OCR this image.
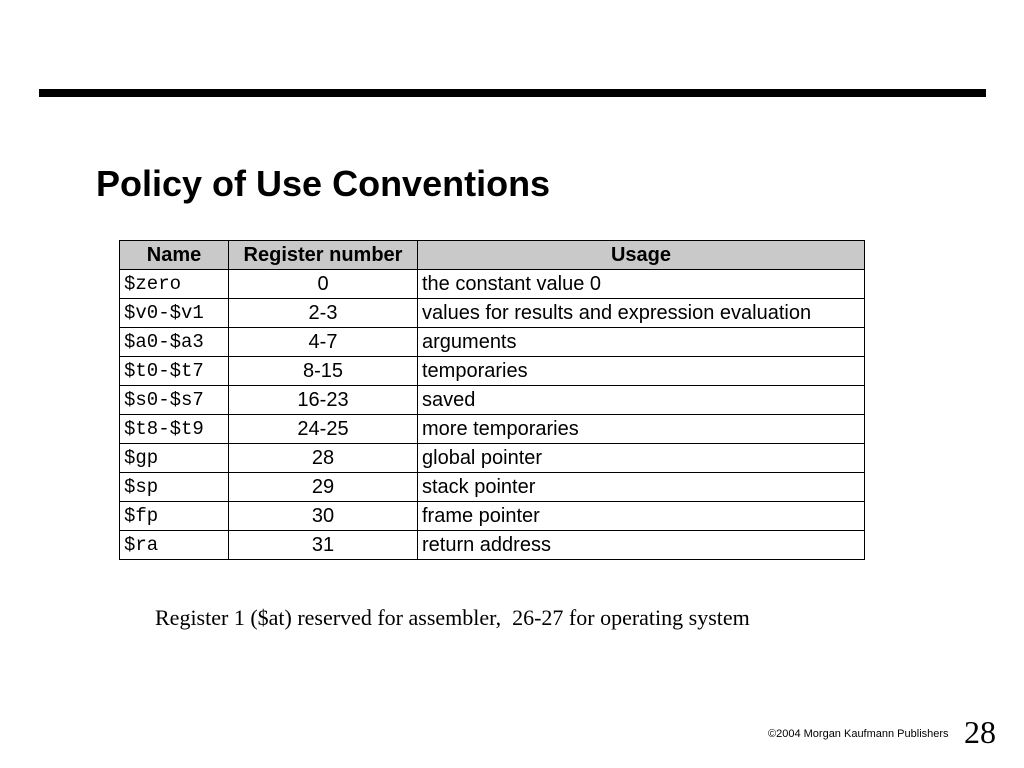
Policy of Use Conventions
Name	Register number	Usage
$zero	0	the constant value 0
$v0-$v1	2-3	values for results and expression evaluation
$a0-$a3	4-7	arguments
$t0-$t7	8-15	temporaries
$s0-$s7	16-23	saved
$t8-$t9	24-25	more temporaries
$gp	28	global pointer
$sp	29	stack pointer
$fp	30	frame pointer
$ra	31	return address
Register 1 ($at) reserved for assembler,  26-27 for operating system
©2004 Morgan Kaufmann Publishers 28
